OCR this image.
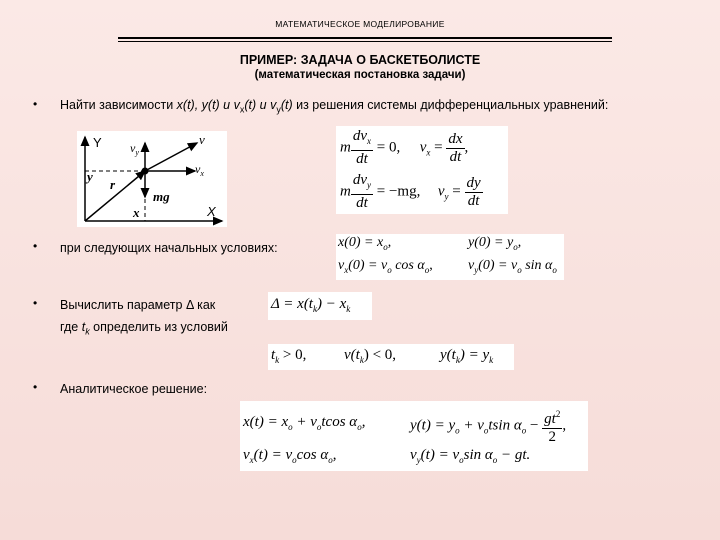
МАТЕМАТИЧЕСКОЕ МОДЕЛИРОВАНИЕ
ПРИМЕР: ЗАДАЧА О БАСКЕТБОЛИСТЕ
(математическая постановка задачи)
• Найти зависимости x(t), y(t) и $v_x(t)$ и $v_y(t)$ из решения системы дифференциальных уравнений:
Y
X
y
x
r
v
$v_y$
$v_x$
mg
m $\frac{dv_x}{dt} = 0$, $v_x = \frac{dx}{dt}$ ,
m $\frac{dv_y}{dt} = -mg$, $v_y = \frac{dy}{dt}$
• при следующих начальных условиях:	$x(0) = x_o$,	$y(0) = y_o$,
$v_x(0) = v_o$ $\cos \alpha_o$,	$v_y(0) = v_o$ $\sin \alpha_o$
• Вычислить параметр Δ как
где $t_k$ определить из условий
$\Delta = x(t_k) - x_k$
$t_k > 0$,	$v(t_k) < 0$,	$y(t_k) = y_k$
• Аналитическое решение:
$x(t) = x_o + v_otcos$ $\alpha_o$,	$y(t) = y_o + v_otsin$ $\alpha_o - \frac{gt^2}{2}$ ,
$v_x(t) = v_o\cos$ $\alpha_o$,	$v_y(t) = v_o\sin$ $\alpha_o$ − gt.
